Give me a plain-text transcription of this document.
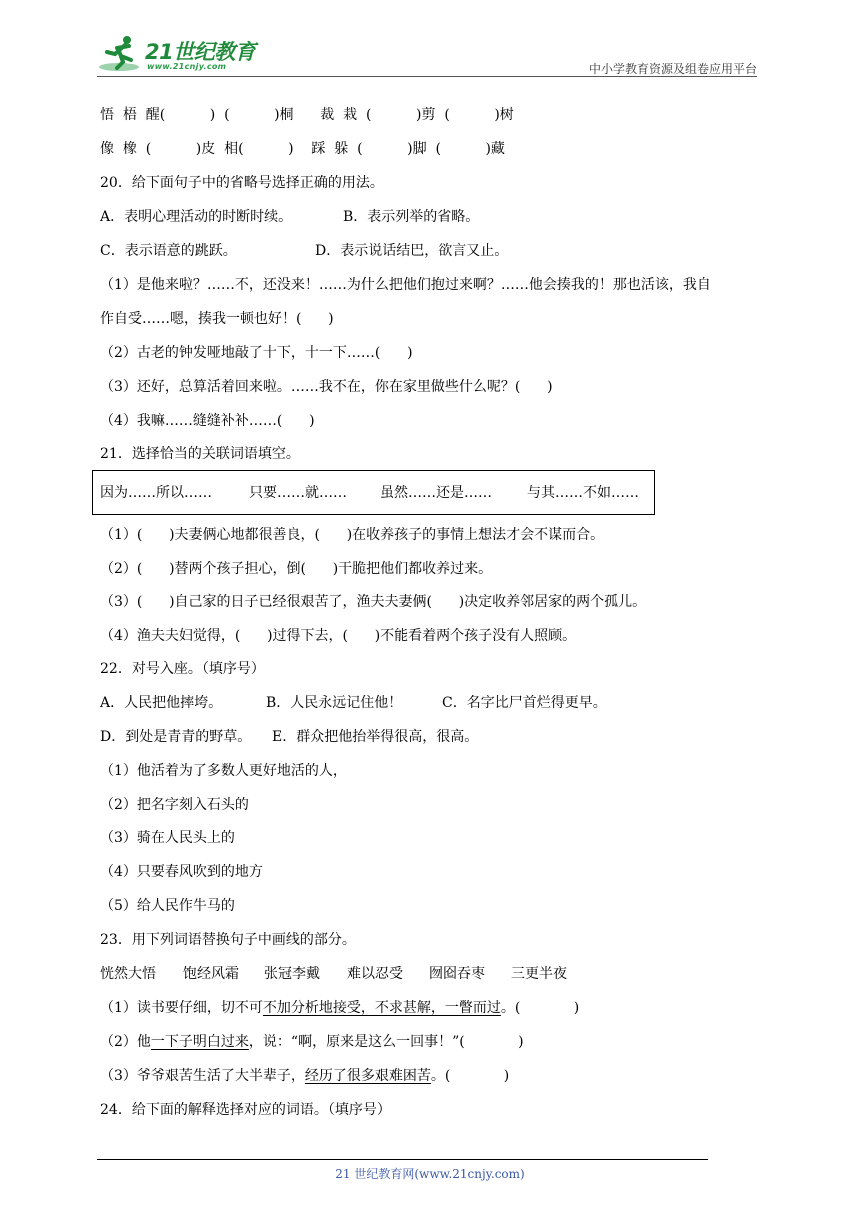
21世纪教育
www.21cnjy.com	中小学教育资源及组卷应用平台
悟  梧  醒(          )  (          )桐      裁  栽  (          )剪  (          )树
像  橡  (          )皮  相(          )    踩  躲  (          )脚  (          )藏
20．给下面句子中的省略号选择正确的用法。
A．表明心理活动的时断时续。	B．表示列举的省略。
C．表示语意的跳跃。	D．表示说话结巴，欲言又止。
（1）是他来啦？……不，还没来！……为什么把他们抱过来啊？……他会揍我的！那也活该，我自
作自受……嗯，揍我一顿也好！(      )
（2）古老的钟发哑地敲了十下，十一下……(      )
（3）还好，总算活着回来啦。……我不在，你在家里做些什么呢？(      )
（4）我嘛……缝缝补补……(      )
21．选择恰当的关联词语填空。
因为……所以……	只要……就…… 虽然……还是……	与其……不如……
（1）(      )夫妻俩心地都很善良，(      )在收养孩子的事情上想法才会不谋而合。
（2）(      )替两个孩子担心，倒(      )干脆把他们都收养过来。
（3）(      )自己家的日子已经很艰苦了，渔夫夫妻俩(      )决定收养邻居家的两个孤儿。
（4）渔夫夫妇觉得，(      )过得下去，(      )不能看着两个孩子没有人照顾。
22．对号入座。（填序号）
A．人民把他摔垮。	B．人民永远记住他！	C．名字比尸首烂得更早。
D．到处是青青的野草。 E．群众把他抬举得很高，很高。
（1）他活着为了多数人更好地活的人，
（2）把名字刻入石头的
（3）骑在人民头上的
（4）只要春风吹到的地方
（5）给人民作牛马的
23．用下列词语替换句子中画线的部分。
恍然大悟 饱经风霜 张冠李戴 难以忍受 囫囵吞枣 三更半夜
（1）读书要仔细，切不可不加分析地接受，不求甚解，一瞥而过。(            )
（2）他一下子明白过来，说：“啊，原来是这么一回事！”(            )
（3）爷爷艰苦生活了大半辈子，经历了很多艰难困苦。(            )
24．给下面的解释选择对应的词语。（填序号）
21 世纪教育网(www.21cnjy.com)
